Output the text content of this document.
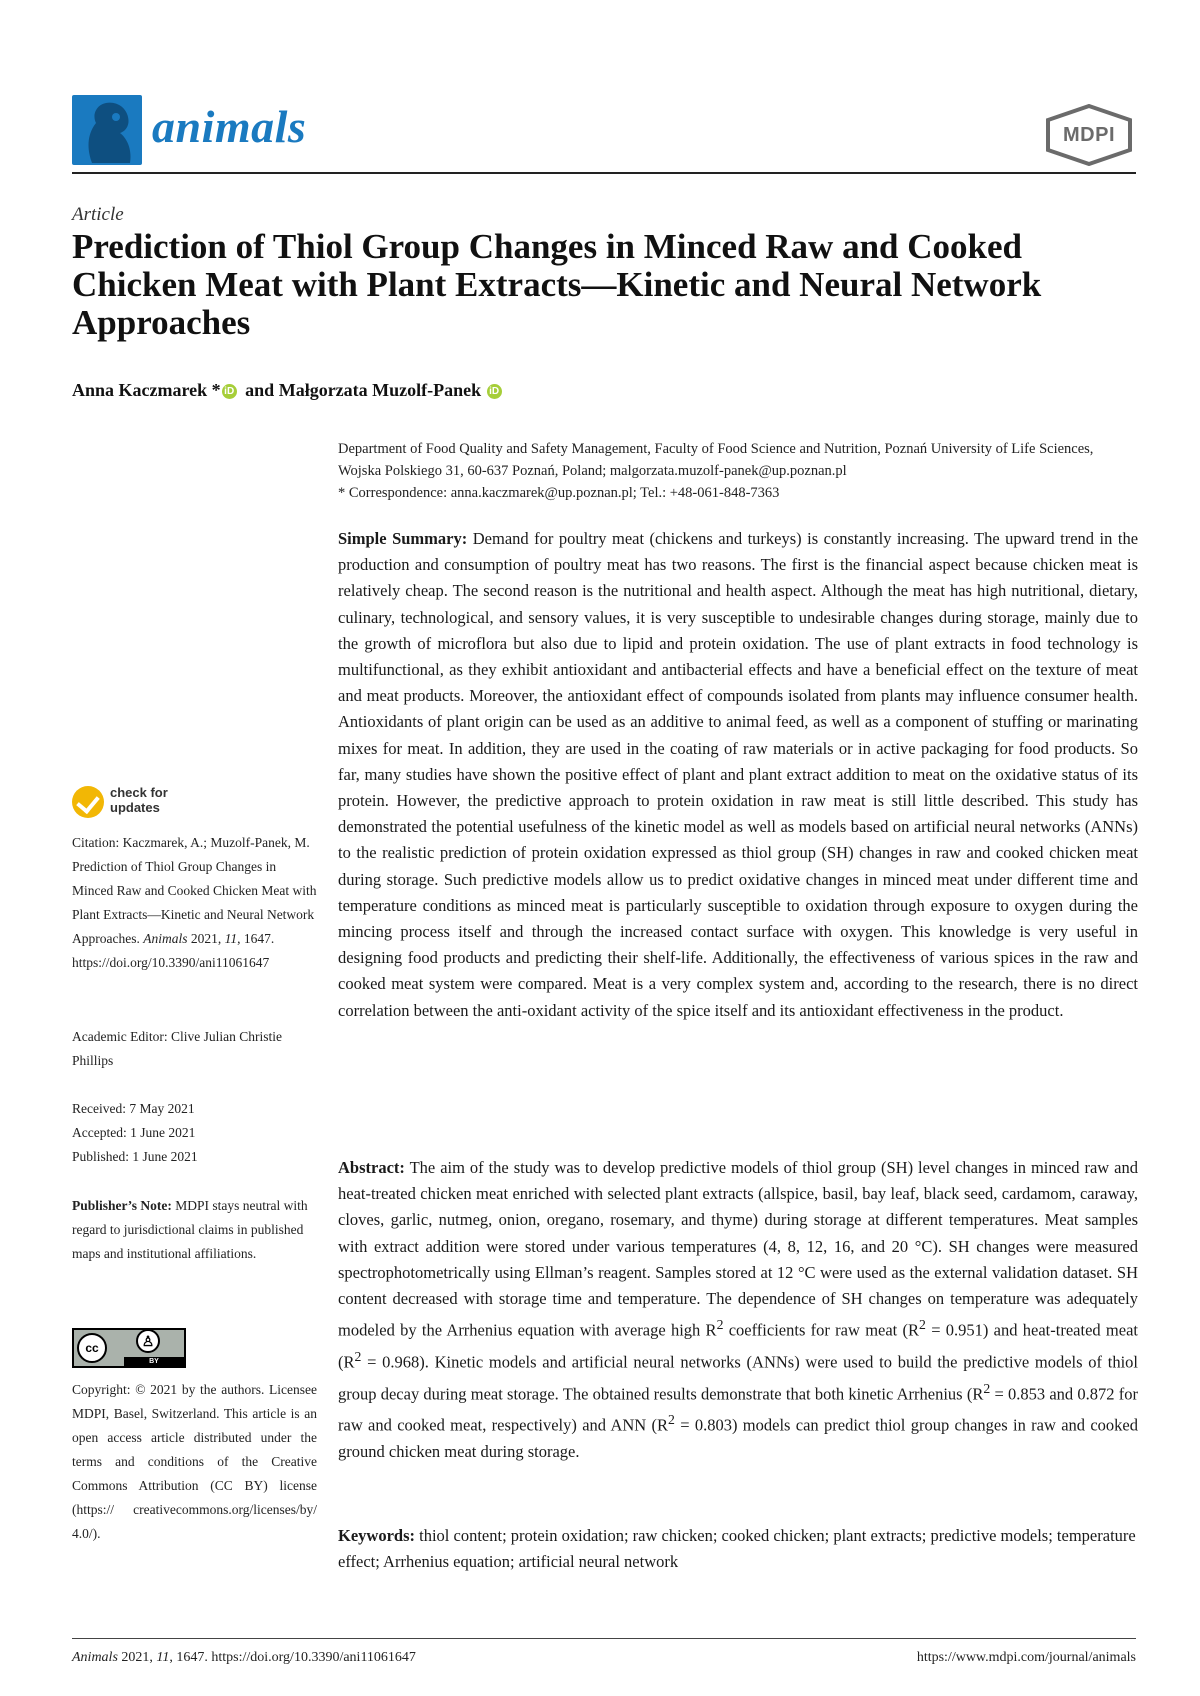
animals	MDPI
Article
Prediction of Thiol Group Changes in Minced Raw and Cooked Chicken Meat with Plant Extracts—Kinetic and Neural Network Approaches
Anna Kaczmarek * iD and Małgorzata Muzolf-Panek iD
Department of Food Quality and Safety Management, Faculty of Food Science and Nutrition, Poznań University of Life Sciences, Wojska Polskiego 31, 60-637 Poznań, Poland; malgorzata.muzolf-panek@up.poznan.pl
* Correspondence: anna.kaczmarek@up.poznan.pl; Tel.: +48-061-848-7363
Simple Summary: Demand for poultry meat (chickens and turkeys) is constantly increasing. The upward trend in the production and consumption of poultry meat has two reasons. The first is the financial aspect because chicken meat is relatively cheap. The second reason is the nutritional and health aspect. Although the meat has high nutritional, dietary, culinary, technological, and sensory values, it is very susceptible to undesirable changes during storage, mainly due to the growth of microflora but also due to lipid and protein oxidation. The use of plant extracts in food technology is multifunctional, as they exhibit antioxidant and antibacterial effects and have a beneficial effect on the texture of meat and meat products. Moreover, the antioxidant effect of compounds isolated from plants may influence consumer health. Antioxidants of plant origin can be used as an additive to animal feed, as well as a component of stuffing or marinating mixes for meat. In addition, they are used in the coating of raw materials or in active packaging for food products. So far, many studies have shown the positive effect of plant and plant extract addition to meat on the oxidative status of its protein. However, the predictive approach to protein oxidation in raw meat is still little described. This study has demonstrated the potential usefulness of the kinetic model as well as models based on artificial neural networks (ANNs) to the realistic prediction of protein oxidation expressed as thiol group (SH) changes in raw and cooked chicken meat during storage. Such predictive models allow us to predict oxidative changes in minced meat under different time and temperature conditions as minced meat is particularly susceptible to oxidation through exposure to oxygen during the mincing process itself and through the increased contact surface with oxygen. This knowledge is very useful in designing food products and predicting their shelf-life. Additionally, the effectiveness of various spices in the raw and cooked meat system were compared. Meat is a very complex system and, according to the research, there is no direct correlation between the anti-oxidant activity of the spice itself and its antioxidant effectiveness in the product.
Abstract: The aim of the study was to develop predictive models of thiol group (SH) level changes in minced raw and heat-treated chicken meat enriched with selected plant extracts (allspice, basil, bay leaf, black seed, cardamom, caraway, cloves, garlic, nutmeg, onion, oregano, rosemary, and thyme) during storage at different temperatures. Meat samples with extract addition were stored under various temperatures (4, 8, 12, 16, and 20 °C). SH changes were measured spectrophotometrically using Ellman’s reagent. Samples stored at 12 °C were used as the external validation dataset. SH content decreased with storage time and temperature. The dependence of SH changes on temperature was adequately modeled by the Arrhenius equation with average high $R^2$ coefficients for raw meat $(R^2 = 0.951)$ and heat-treated meat $(R^2 = 0.968)$. Kinetic models and artificial neural networks (ANNs) were used to build the predictive models of thiol group decay during meat storage. The obtained results demonstrate that both kinetic Arrhenius ($R^2 = 0.853$ and 0.872 for raw and cooked meat, respectively) and ANN $(R^2 = 0.803)$ models can predict thiol group changes in raw and cooked ground chicken meat during storage.
Keywords: thiol content; protein oxidation; raw chicken; cooked chicken; plant extracts; predictive models; temperature effect; Arrhenius equation; artificial neural network
check for
updates
Citation: Kaczmarek, A.; Muzolf-Panek, M. Prediction of Thiol Group Changes in Minced Raw and Cooked Chicken Meat with Plant Extracts—Kinetic and Neural Network Approaches. Animals 2021, 11, 1647. https://doi.org/10.3390/ani11061647
Academic Editor: Clive Julian Christie Phillips
Received: 7 May 2021
Accepted: 1 June 2021
Published: 1 June 2021
Publisher’s Note: MDPI stays neutral with regard to jurisdictional claims in published maps and institutional affiliations.
cc	♙
BY
Copyright: © 2021 by the authors. Licensee MDPI, Basel, Switzerland. This article is an open access article distributed under the terms and conditions of the Creative Commons Attribution (CC BY) license (https:// creativecommons.org/licenses/by/ 4.0/).
Animals 2021, 11, 1647. https://doi.org/10.3390/ani11061647	https://www.mdpi.com/journal/animals
